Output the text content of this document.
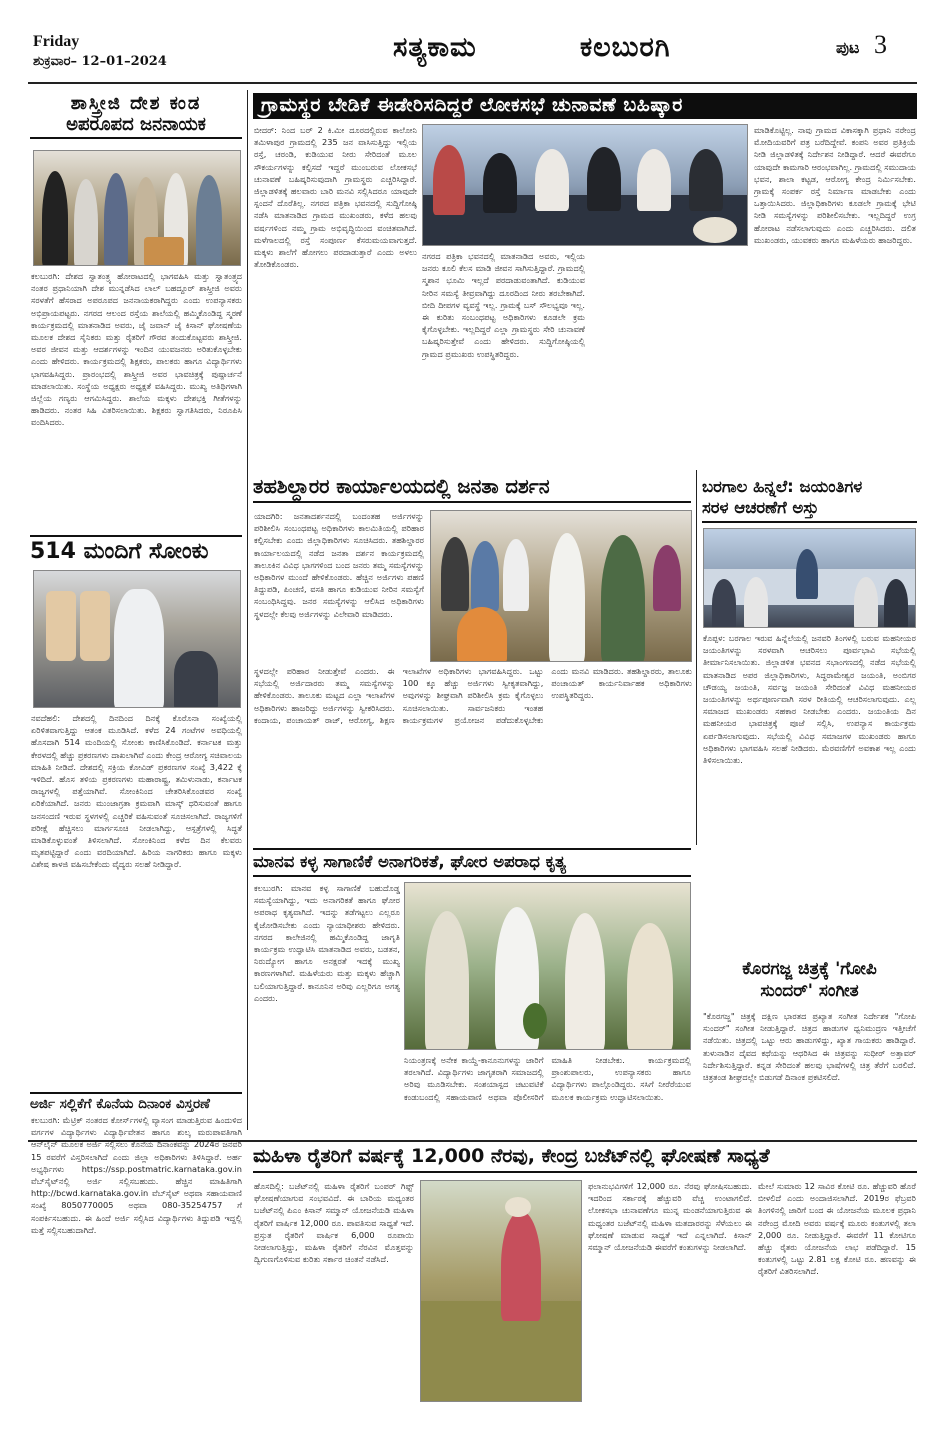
Friday
ಶುಕ್ರವಾರ– 12–01–2024	ಸತ್ಯಕಾಮ	ಕಲಬುರಗಿ	ಪುಟ 3
ಶಾಸ್ತ್ರೀಜಿ ದೇಶ ಕಂಡ
ಅಪರೂಪದ ಜನನಾಯಕ
ಕಲಬುರಗಿ: ದೇಶದ ಸ್ವಾತಂತ್ರ್ಯ ಹೋರಾಟದಲ್ಲಿ ಭಾಗವಹಿಸಿ ಮತ್ತು ಸ್ವಾತಂತ್ರ್ಯದ ನಂತರ ಪ್ರಧಾನಿಯಾಗಿ ದೇಶ ಮುನ್ನಡೆಸಿದ ಲಾಲ್ ಬಹದ್ದೂರ್ ಶಾಸ್ತ್ರೀಜಿ ಅವರು ಸರಳತೆಗೆ ಹೆಸರಾದ ಅಪರೂಪದ ಜನನಾಯಕರಾಗಿದ್ದರು ಎಂದು ಉಪನ್ಯಾಸಕರು ಅಭಿಪ್ರಾಯಪಟ್ಟರು. ನಗರದ ಆಲಂದ ರಸ್ತೆಯ ಶಾಲೆಯಲ್ಲಿ ಹಮ್ಮಿಕೊಂಡಿದ್ದ ಸ್ಮರಣೆ ಕಾರ್ಯಕ್ರಮದಲ್ಲಿ ಮಾತನಾಡಿದ ಅವರು, ಜೈ ಜವಾನ್ ಜೈ ಕಿಸಾನ್ ಘೋಷಣೆಯ ಮೂಲಕ ದೇಶದ ಸೈನಿಕರು ಮತ್ತು ರೈತರಿಗೆ ಗೌರವ ತಂದುಕೊಟ್ಟವರು ಶಾಸ್ತ್ರೀಜಿ. ಅವರ ಜೀವನ ಮತ್ತು ಆದರ್ಶಗಳನ್ನು ಇಂದಿನ ಯುವಜನರು ಅರಿತುಕೊಳ್ಳಬೇಕು ಎಂದು ಹೇಳಿದರು. ಕಾರ್ಯಕ್ರಮದಲ್ಲಿ ಶಿಕ್ಷಕರು, ಪಾಲಕರು ಹಾಗೂ ವಿದ್ಯಾರ್ಥಿಗಳು ಭಾಗವಹಿಸಿದ್ದರು. ಪ್ರಾರಂಭದಲ್ಲಿ ಶಾಸ್ತ್ರೀಜಿ ಅವರ ಭಾವಚಿತ್ರಕ್ಕೆ ಪುಷ್ಪಾರ್ಚನೆ ಮಾಡಲಾಯಿತು. ಸಂಸ್ಥೆಯ ಅಧ್ಯಕ್ಷರು ಅಧ್ಯಕ್ಷತೆ ವಹಿಸಿದ್ದರು. ಮುಖ್ಯ ಅತಿಥಿಗಳಾಗಿ ಜಿಲ್ಲೆಯ ಗಣ್ಯರು ಆಗಮಿಸಿದ್ದರು. ಶಾಲೆಯ ಮಕ್ಕಳು ದೇಶಭಕ್ತಿ ಗೀತೆಗಳನ್ನು ಹಾಡಿದರು. ನಂತರ ಸಿಹಿ ವಿತರಿಸಲಾಯಿತು. ಶಿಕ್ಷಕರು ಸ್ವಾಗತಿಸಿದರು, ನಿರೂಪಿಸಿ ವಂದಿಸಿದರು.
514 ಮಂದಿಗೆ ಸೋಂಕು
ನವದೆಹಲಿ: ದೇಶದಲ್ಲಿ ದಿನದಿಂದ ದಿನಕ್ಕೆ ಕೊರೊನಾ ಸಂಖ್ಯೆಯಲ್ಲಿ ಏರಿಳಿತವಾಗುತ್ತಿದ್ದು ಆತಂಕ ಮೂಡಿಸಿದೆ. ಕಳೆದ 24 ಗಂಟೆಗಳ ಅವಧಿಯಲ್ಲಿ ಹೊಸದಾಗಿ 514 ಮಂದಿಯಲ್ಲಿ ಸೋಂಕು ಕಾಣಿಸಿಕೊಂಡಿದೆ. ಕರ್ನಾಟಕ ಮತ್ತು ಕೇರಳದಲ್ಲಿ ಹೆಚ್ಚು ಪ್ರಕರಣಗಳು ದಾಖಲಾಗಿವೆ ಎಂದು ಕೇಂದ್ರ ಆರೋಗ್ಯ ಸಚಿವಾಲಯ ಮಾಹಿತಿ ನೀಡಿದೆ. ದೇಶದಲ್ಲಿ ಸಕ್ರಿಯ ಕೋವಿಡ್ ಪ್ರಕರಣಗಳ ಸಂಖ್ಯೆ 3,422 ಕ್ಕೆ ಇಳಿದಿದೆ. ಹೊಸ ತಳಿಯ ಪ್ರಕರಣಗಳು ಮಹಾರಾಷ್ಟ್ರ, ತಮಿಳುನಾಡು, ಕರ್ನಾಟಕ ರಾಜ್ಯಗಳಲ್ಲಿ ಪತ್ತೆಯಾಗಿವೆ. ಸೋಂಕಿನಿಂದ ಚೇತರಿಸಿಕೊಂಡವರ ಸಂಖ್ಯೆ ಏರಿಕೆಯಾಗಿದೆ. ಜನರು ಮುಂಜಾಗ್ರತಾ ಕ್ರಮವಾಗಿ ಮಾಸ್ಕ್ ಧರಿಸುವಂತೆ ಹಾಗೂ ಜನಸಂದಣಿ ಇರುವ ಸ್ಥಳಗಳಲ್ಲಿ ಎಚ್ಚರಿಕೆ ವಹಿಸುವಂತೆ ಸೂಚಿಸಲಾಗಿದೆ. ರಾಜ್ಯಗಳಿಗೆ ಪರೀಕ್ಷೆ ಹೆಚ್ಚಿಸಲು ಮಾರ್ಗಸೂಚಿ ನೀಡಲಾಗಿದ್ದು, ಆಸ್ಪತ್ರೆಗಳಲ್ಲಿ ಸಿದ್ಧತೆ ಮಾಡಿಕೊಳ್ಳುವಂತೆ ತಿಳಿಸಲಾಗಿದೆ. ಸೋಂಕಿನಿಂದ ಕಳೆದ ದಿನ ಕೆಲವರು ಮೃತಪಟ್ಟಿದ್ದಾರೆ ಎಂದು ವರದಿಯಾಗಿದೆ. ಹಿರಿಯ ನಾಗರಿಕರು ಹಾಗೂ ಮಕ್ಕಳು ವಿಶೇಷ ಕಾಳಜಿ ವಹಿಸಬೇಕೆಂದು ವೈದ್ಯರು ಸಲಹೆ ನೀಡಿದ್ದಾರೆ.
ಅರ್ಜಿ ಸಲ್ಲಿಕೆಗೆ ಕೊನೆಯ ದಿನಾಂಕ ವಿಸ್ತರಣೆ
ಕಲಬುರಗಿ: ಮೆಟ್ರಿಕ್ ನಂತರದ ಕೋರ್ಸ್‌ಗಳಲ್ಲಿ ವ್ಯಾಸಂಗ ಮಾಡುತ್ತಿರುವ ಹಿಂದುಳಿದ ವರ್ಗಗಳ ವಿದ್ಯಾರ್ಥಿಗಳು ವಿದ್ಯಾರ್ಥಿವೇತನ ಹಾಗೂ ಶುಲ್ಕ ಮರುಪಾವತಿಗಾಗಿ ಆನ್‌ಲೈನ್ ಮೂಲಕ ಅರ್ಜಿ ಸಲ್ಲಿಸಲು ಕೊನೆಯ ದಿನಾಂಕವನ್ನು 2024ರ ಜನವರಿ 15 ರವರೆಗೆ ವಿಸ್ತರಿಸಲಾಗಿದೆ ಎಂದು ಜಿಲ್ಲಾ ಅಧಿಕಾರಿಗಳು ತಿಳಿಸಿದ್ದಾರೆ. ಅರ್ಹ ಅಭ್ಯರ್ಥಿಗಳು https://ssp.postmatric.karnataka.gov.in ವೆಬ್‌ಸೈಟ್‌ನಲ್ಲಿ ಅರ್ಜಿ ಸಲ್ಲಿಸಬಹುದು. ಹೆಚ್ಚಿನ ಮಾಹಿತಿಗಾಗಿ http://bcwd.karnataka.gov.in ವೆಬ್‌ಸೈಟ್ ಅಥವಾ ಸಹಾಯವಾಣಿ ಸಂಖ್ಯೆ 8050770005 ಅಥವಾ 080-35254757 ಗೆ ಸಂಪರ್ಕಿಸಬಹುದು. ಈ ಹಿಂದೆ ಅರ್ಜಿ ಸಲ್ಲಿಸಿದ ವಿದ್ಯಾರ್ಥಿಗಳು ತಿದ್ದುಪಡಿ ಇದ್ದಲ್ಲಿ ಮತ್ತೆ ಸಲ್ಲಿಸಬಹುದಾಗಿದೆ.
ಗ್ರಾಮಸ್ಥರ ಬೇಡಿಕೆ ಈಡೇರಿಸದಿದ್ದರೆ ಲೋಕಸಭೆ ಚುನಾವಣೆ ಬಹಿಷ್ಕಾರ
ಬೀದರ್: ನಿಂದ ಬರ್ 2 ಕಿ.ಮೀ ದೂರದಲ್ಲಿರುವ ಕಾಲೋನಿ ತಮಿಳಾಪುರ ಗ್ರಾಮದಲ್ಲಿ 235 ಜನ ವಾಸಿಸುತ್ತಿದ್ದು ಇಲ್ಲಿಯ ರಸ್ತೆ, ಚರಂಡಿ, ಕುಡಿಯುವ ನೀರು ಸೇರಿದಂತೆ ಮೂಲ ಸೌಕರ್ಯಗಳನ್ನು ಕಲ್ಪಿಸದೆ ಇದ್ದರೆ ಮುಂಬರುವ ಲೋಕಸಭೆ ಚುನಾವಣೆ ಬಹಿಷ್ಕರಿಸುವುದಾಗಿ ಗ್ರಾಮಸ್ಥರು ಎಚ್ಚರಿಸಿದ್ದಾರೆ. ಜಿಲ್ಲಾಡಳಿತಕ್ಕೆ ಹಲವಾರು ಬಾರಿ ಮನವಿ ಸಲ್ಲಿಸಿದರೂ ಯಾವುದೇ ಸ್ಪಂದನೆ ದೊರೆತಿಲ್ಲ. ನಗರದ ಪತ್ರಿಕಾ ಭವನದಲ್ಲಿ ಸುದ್ದಿಗೋಷ್ಠಿ ನಡೆಸಿ ಮಾತನಾಡಿದ ಗ್ರಾಮದ ಮುಖಂಡರು, ಕಳೆದ ಹಲವು ವರ್ಷಗಳಿಂದ ನಮ್ಮ ಗ್ರಾಮ ಅಭಿವೃದ್ಧಿಯಿಂದ ವಂಚಿತವಾಗಿದೆ. ಮಳೆಗಾಲದಲ್ಲಿ ರಸ್ತೆ ಸಂಪೂರ್ಣ ಕೆಸರುಮಯವಾಗುತ್ತದೆ. ಮಕ್ಕಳು ಶಾಲೆಗೆ ಹೋಗಲು ಪರದಾಡುತ್ತಾರೆ ಎಂದು ಅಳಲು ತೋಡಿಕೊಂಡರು.
ನಗರದ ಪತ್ರಿಕಾ ಭವನದಲ್ಲಿ ಮಾತನಾಡಿದ ಅವರು, ಇಲ್ಲಿಯ ಜನರು ಕೂಲಿ ಕೆಲಸ ಮಾಡಿ ಜೀವನ ಸಾಗಿಸುತ್ತಿದ್ದಾರೆ. ಗ್ರಾಮದಲ್ಲಿ ಸ್ಮಶಾನ ಭೂಮಿ ಇಲ್ಲದೆ ಪರದಾಡುವಂತಾಗಿದೆ. ಕುಡಿಯುವ ನೀರಿನ ಸಮಸ್ಯೆ ತೀವ್ರವಾಗಿದ್ದು ದೂರದಿಂದ ನೀರು ತರಬೇಕಾಗಿದೆ. ಬೀದಿ ದೀಪಗಳ ವ್ಯವಸ್ಥೆ ಇಲ್ಲ. ಗ್ರಾಮಕ್ಕೆ ಬಸ್ ಸೌಲಭ್ಯವೂ ಇಲ್ಲ. ಈ ಕುರಿತು ಸಂಬಂಧಪಟ್ಟ ಅಧಿಕಾರಿಗಳು ಕೂಡಲೇ ಕ್ರಮ ಕೈಗೊಳ್ಳಬೇಕು. ಇಲ್ಲದಿದ್ದರೆ ಎಲ್ಲಾ ಗ್ರಾಮಸ್ಥರು ಸೇರಿ ಚುನಾವಣೆ ಬಹಿಷ್ಕರಿಸುತ್ತೇವೆ ಎಂದು ಹೇಳಿದರು. ಸುದ್ದಿಗೋಷ್ಠಿಯಲ್ಲಿ ಗ್ರಾಮದ ಪ್ರಮುಖರು ಉಪಸ್ಥಿತರಿದ್ದರು.
ಮಾಡಿಕೊಟ್ಟಿಲ್ಲ. ನಾವು ಗ್ರಾಮದ ವಿಕಾಸಕ್ಕಾಗಿ ಪ್ರಧಾನಿ ನರೇಂದ್ರ ಮೋದಿಯವರಿಗೆ ಪತ್ರ ಬರೆದಿದ್ದೇವೆ. ಕಂಪನಿ ಅವರ ಪ್ರತಿಕ್ರಿಯೆ ನೀಡಿ ಜಿಲ್ಲಾಡಳಿತಕ್ಕೆ ನಿರ್ದೇಶನ ನೀಡಿದ್ದಾರೆ. ಆದರೆ ಈವರೆಗೂ ಯಾವುದೇ ಕಾಮಗಾರಿ ಆರಂಭವಾಗಿಲ್ಲ. ಗ್ರಾಮದಲ್ಲಿ ಸಮುದಾಯ ಭವನ, ಶಾಲಾ ಕಟ್ಟಡ, ಆರೋಗ್ಯ ಕೇಂದ್ರ ನಿರ್ಮಿಸಬೇಕು. ಗ್ರಾಮಕ್ಕೆ ಸಂಪರ್ಕ ರಸ್ತೆ ನಿರ್ಮಾಣ ಮಾಡಬೇಕು ಎಂದು ಒತ್ತಾಯಿಸಿದರು. ಜಿಲ್ಲಾಧಿಕಾರಿಗಳು ಕೂಡಲೇ ಗ್ರಾಮಕ್ಕೆ ಭೇಟಿ ನೀಡಿ ಸಮಸ್ಯೆಗಳನ್ನು ಪರಿಶೀಲಿಸಬೇಕು. ಇಲ್ಲದಿದ್ದರೆ ಉಗ್ರ ಹೋರಾಟ ನಡೆಸಲಾಗುವುದು ಎಂದು ಎಚ್ಚರಿಸಿದರು. ದಲಿತ ಮುಖಂಡರು, ಯುವಕರು ಹಾಗೂ ಮಹಿಳೆಯರು ಹಾಜರಿದ್ದರು.
ತಹಶಿಲ್ದಾರರ ಕಾರ್ಯಾಲಯದಲ್ಲಿ ಜನತಾ ದರ್ಶನ
ಯಾದಗಿರಿ: ಜನತಾದರ್ಶನದಲ್ಲಿ ಬಂದಂತಹ ಅರ್ಜಿಗಳನ್ನು ಪರಿಶೀಲಿಸಿ ಸಂಬಂಧಪಟ್ಟ ಅಧಿಕಾರಿಗಳು ಕಾಲಮಿತಿಯಲ್ಲಿ ಪರಿಹಾರ ಕಲ್ಪಿಸಬೇಕು ಎಂದು ಜಿಲ್ಲಾಧಿಕಾರಿಗಳು ಸೂಚಿಸಿದರು. ತಹಶಿಲ್ದಾರರ ಕಾರ್ಯಾಲಯದಲ್ಲಿ ನಡೆದ ಜನತಾ ದರ್ಶನ ಕಾರ್ಯಕ್ರಮದಲ್ಲಿ ತಾಲೂಕಿನ ವಿವಿಧ ಭಾಗಗಳಿಂದ ಬಂದ ಜನರು ತಮ್ಮ ಸಮಸ್ಯೆಗಳನ್ನು ಅಧಿಕಾರಿಗಳ ಮುಂದೆ ಹೇಳಿಕೊಂಡರು. ಹೆಚ್ಚಿನ ಅರ್ಜಿಗಳು ಪಹಣಿ ತಿದ್ದುಪಡಿ, ಪಿಂಚಣಿ, ವಸತಿ ಹಾಗೂ ಕುಡಿಯುವ ನೀರಿನ ಸಮಸ್ಯೆಗೆ ಸಂಬಂಧಿಸಿದ್ದವು. ಜನರ ಸಮಸ್ಯೆಗಳನ್ನು ಆಲಿಸಿದ ಅಧಿಕಾರಿಗಳು ಸ್ಥಳದಲ್ಲೇ ಕೆಲವು ಅರ್ಜಿಗಳನ್ನು ವಿಲೇವಾರಿ ಮಾಡಿದರು.
ಸ್ಥಳದಲ್ಲೇ ಪರಿಹಾರ ನೀಡುತ್ತೇವೆ ಎಂದರು. ಈ ಸಭೆಯಲ್ಲಿ ಅರ್ಜಿದಾರರು ತಮ್ಮ ಸಮಸ್ಯೆಗಳನ್ನು ಹೇಳಿಕೊಂಡರು. ತಾಲೂಕು ಮಟ್ಟದ ಎಲ್ಲಾ ಇಲಾಖೆಗಳ ಅಧಿಕಾರಿಗಳು ಹಾಜರಿದ್ದು ಅರ್ಜಿಗಳನ್ನು ಸ್ವೀಕರಿಸಿದರು. ಕಂದಾಯ, ಪಂಚಾಯತ್ ರಾಜ್, ಆರೋಗ್ಯ, ಶಿಕ್ಷಣ ಇಲಾಖೆಗಳ ಅಧಿಕಾರಿಗಳು ಭಾಗವಹಿಸಿದ್ದರು. ಒಟ್ಟು 100 ಕ್ಕೂ ಹೆಚ್ಚು ಅರ್ಜಿಗಳು ಸ್ವೀಕೃತವಾಗಿದ್ದು, ಅವುಗಳನ್ನು ಶೀಘ್ರವಾಗಿ ಪರಿಶೀಲಿಸಿ ಕ್ರಮ ಕೈಗೊಳ್ಳಲು ಸೂಚಿಸಲಾಯಿತು. ಸಾರ್ವಜನಿಕರು ಇಂತಹ ಕಾರ್ಯಕ್ರಮಗಳ ಪ್ರಯೋಜನ ಪಡೆದುಕೊಳ್ಳಬೇಕು ಎಂದು ಮನವಿ ಮಾಡಿದರು. ತಹಶಿಲ್ದಾರರು, ತಾಲೂಕು ಪಂಚಾಯತ್ ಕಾರ್ಯನಿರ್ವಾಹಕ ಅಧಿಕಾರಿಗಳು ಉಪಸ್ಥಿತರಿದ್ದರು.
ಬರಗಾಲ ಹಿನ್ನಲೆ: ಜಯಂತಿಗಳ
ಸರಳ ಆಚರಣೆಗೆ ಅಸ್ತು
ಕೊಪ್ಪಳ: ಬರಗಾಲ ಇರುವ ಹಿನ್ನೆಲೆಯಲ್ಲಿ ಜನವರಿ ತಿಂಗಳಲ್ಲಿ ಬರುವ ಮಹನೀಯರ ಜಯಂತಿಗಳನ್ನು ಸರಳವಾಗಿ ಆಚರಿಸಲು ಪೂರ್ವಭಾವಿ ಸಭೆಯಲ್ಲಿ ತೀರ್ಮಾನಿಸಲಾಯಿತು. ಜಿಲ್ಲಾಡಳಿತ ಭವನದ ಸಭಾಂಗಣದಲ್ಲಿ ನಡೆದ ಸಭೆಯಲ್ಲಿ ಮಾತನಾಡಿದ ಅಪರ ಜಿಲ್ಲಾಧಿಕಾರಿಗಳು, ಸಿದ್ಧರಾಮೇಶ್ವರ ಜಯಂತಿ, ಅಂಬಿಗರ ಚೌಡಯ್ಯ ಜಯಂತಿ, ಸರ್ವಜ್ಞ ಜಯಂತಿ ಸೇರಿದಂತೆ ವಿವಿಧ ಮಹನೀಯರ ಜಯಂತಿಗಳನ್ನು ಅರ್ಥಪೂರ್ಣವಾಗಿ ಸರಳ ರೀತಿಯಲ್ಲಿ ಆಚರಿಸಲಾಗುವುದು. ಎಲ್ಲ ಸಮಾಜದ ಮುಖಂಡರು ಸಹಕಾರ ನೀಡಬೇಕು ಎಂದರು. ಜಯಂತಿಯ ದಿನ ಮಹನೀಯರ ಭಾವಚಿತ್ರಕ್ಕೆ ಪೂಜೆ ಸಲ್ಲಿಸಿ, ಉಪನ್ಯಾಸ ಕಾರ್ಯಕ್ರಮ ಏರ್ಪಡಿಸಲಾಗುವುದು. ಸಭೆಯಲ್ಲಿ ವಿವಿಧ ಸಮಾಜಗಳ ಮುಖಂಡರು ಹಾಗೂ ಅಧಿಕಾರಿಗಳು ಭಾಗವಹಿಸಿ ಸಲಹೆ ನೀಡಿದರು. ಮೆರವಣಿಗೆಗೆ ಅವಕಾಶ ಇಲ್ಲ ಎಂದು ತಿಳಿಸಲಾಯಿತು.
ಮಾನವ ಕಳ್ಳ ಸಾಗಾಣಿಕೆ ಅನಾಗರಿಕತೆ, ಘೋರ ಅಪರಾಧ ಕೃತ್ಯ
ಕಲಬುರಗಿ: ಮಾನವ ಕಳ್ಳ ಸಾಗಾಣಿಕೆ ಬಹುದೊಡ್ಡ ಸಮಸ್ಯೆಯಾಗಿದ್ದು, ಇದು ಅನಾಗರಿಕತೆ ಹಾಗೂ ಘೋರ ಅಪರಾಧ ಕೃತ್ಯವಾಗಿದೆ. ಇದನ್ನು ತಡೆಗಟ್ಟಲು ಎಲ್ಲರೂ ಕೈಜೋಡಿಸಬೇಕು ಎಂದು ನ್ಯಾಯಾಧೀಶರು ಹೇಳಿದರು. ನಗರದ ಕಾಲೇಜಿನಲ್ಲಿ ಹಮ್ಮಿಕೊಂಡಿದ್ದ ಜಾಗೃತಿ ಕಾರ್ಯಕ್ರಮ ಉದ್ಘಾಟಿಸಿ ಮಾತನಾಡಿದ ಅವರು, ಬಡತನ, ನಿರುದ್ಯೋಗ ಹಾಗೂ ಅನಕ್ಷರತೆ ಇದಕ್ಕೆ ಮುಖ್ಯ ಕಾರಣಗಳಾಗಿವೆ. ಮಹಿಳೆಯರು ಮತ್ತು ಮಕ್ಕಳು ಹೆಚ್ಚಾಗಿ ಬಲಿಯಾಗುತ್ತಿದ್ದಾರೆ. ಕಾನೂನಿನ ಅರಿವು ಎಲ್ಲರಿಗೂ ಅಗತ್ಯ ಎಂದರು.
ನಿಯಂತ್ರಣಕ್ಕೆ ಅನೇಕ ಕಾಯ್ದೆ-ಕಾನೂನುಗಳನ್ನು ಜಾರಿಗೆ ತರಲಾಗಿದೆ. ವಿದ್ಯಾರ್ಥಿಗಳು ಜಾಗೃತರಾಗಿ ಸಮಾಜದಲ್ಲಿ ಅರಿವು ಮೂಡಿಸಬೇಕು. ಸಂಶಯಾಸ್ಪದ ಚಟುವಟಿಕೆ ಕಂಡುಬಂದಲ್ಲಿ ಸಹಾಯವಾಣಿ ಅಥವಾ ಪೊಲೀಸರಿಗೆ ಮಾಹಿತಿ ನೀಡಬೇಕು. ಕಾರ್ಯಕ್ರಮದಲ್ಲಿ ಪ್ರಾಂಶುಪಾಲರು, ಉಪನ್ಯಾಸಕರು ಹಾಗೂ ವಿದ್ಯಾರ್ಥಿಗಳು ಪಾಲ್ಗೊಂಡಿದ್ದರು. ಸಸಿಗೆ ನೀರೆರೆಯುವ ಮೂಲಕ ಕಾರ್ಯಕ್ರಮ ಉದ್ಘಾಟಿಸಲಾಯಿತು.
ಕೊರಗಜ್ಜ ಚಿತ್ರಕ್ಕೆ 'ಗೋಪಿ
ಸುಂದರ್' ಸಂಗೀತ
"ಕೊರಗಜ್ಜ" ಚಿತ್ರಕ್ಕೆ ದಕ್ಷಿಣ ಭಾರತದ ಪ್ರಖ್ಯಾತ ಸಂಗೀತ ನಿರ್ದೇಶಕ "ಗೋಪಿ ಸುಂದರ್" ಸಂಗೀತ ನೀಡುತ್ತಿದ್ದಾರೆ. ಚಿತ್ರದ ಹಾಡುಗಳ ಧ್ವನಿಮುದ್ರಣ ಇತ್ತೀಚೆಗೆ ನಡೆಯಿತು. ಚಿತ್ರದಲ್ಲಿ ಒಟ್ಟು ಆರು ಹಾಡುಗಳಿದ್ದು, ಖ್ಯಾತ ಗಾಯಕರು ಹಾಡಿದ್ದಾರೆ. ತುಳುನಾಡಿನ ದೈವದ ಕಥೆಯನ್ನು ಆಧರಿಸಿದ ಈ ಚಿತ್ರವನ್ನು ಸುಧೀರ್ ಅತ್ತಾವರ್ ನಿರ್ದೇಶಿಸುತ್ತಿದ್ದಾರೆ. ಕನ್ನಡ ಸೇರಿದಂತೆ ಹಲವು ಭಾಷೆಗಳಲ್ಲಿ ಚಿತ್ರ ತೆರೆಗೆ ಬರಲಿದೆ. ಚಿತ್ರತಂಡ ಶೀಘ್ರದಲ್ಲೇ ಬಿಡುಗಡೆ ದಿನಾಂಕ ಪ್ರಕಟಿಸಲಿದೆ.
ಮಹಿಳಾ ರೈತರಿಗೆ ವರ್ಷಕ್ಕೆ 12,000 ನೆರವು, ಕೇಂದ್ರ ಬಜೆಟ್‌ನಲ್ಲಿ ಘೋಷಣೆ ಸಾಧ್ಯತೆ
ಹೊಸದಿಲ್ಲಿ: ಬಜೆಟ್‌ನಲ್ಲಿ ಮಹಿಳಾ ರೈತರಿಗೆ ಬಂಪರ್ ಗಿಫ್ಟ್ ಘೋಷಣೆಯಾಗುವ ಸಂಭವವಿದೆ. ಈ ಬಾರಿಯ ಮಧ್ಯಂತರ ಬಜೆಟ್‌ನಲ್ಲಿ ಪಿಎಂ ಕಿಸಾನ್ ಸಮ್ಮಾನ್ ಯೋಜನೆಯಡಿ ಮಹಿಳಾ ರೈತರಿಗೆ ವಾರ್ಷಿಕ 12,000 ರೂ. ಪಾವತಿಸುವ ಸಾಧ್ಯತೆ ಇದೆ. ಪ್ರಸ್ತುತ ರೈತರಿಗೆ ವಾರ್ಷಿಕ 6,000 ರೂಪಾಯಿ ನೀಡಲಾಗುತ್ತಿದ್ದು, ಮಹಿಳಾ ರೈತರಿಗೆ ನೆರವಿನ ಮೊತ್ತವನ್ನು ದ್ವಿಗುಣಗೊಳಿಸುವ ಕುರಿತು ಸರ್ಕಾರ ಚಿಂತನೆ ನಡೆಸಿದೆ.
ಫಲಾನುಭವಿಗಳಿಗೆ 12,000 ರೂ. ನೆರವು ಘೋಷಿಸಬಹುದು. ಇದರಿಂದ ಸರ್ಕಾರಕ್ಕೆ ಹೆಚ್ಚುವರಿ ವೆಚ್ಚ ಉಂಟಾಗಲಿದೆ. ಲೋಕಸಭಾ ಚುನಾವಣೆಗೂ ಮುನ್ನ ಮಂಡನೆಯಾಗುತ್ತಿರುವ ಈ ಮಧ್ಯಂತರ ಬಜೆಟ್‌ನಲ್ಲಿ ಮಹಿಳಾ ಮತದಾರರನ್ನು ಸೆಳೆಯಲು ಈ ಘೋಷಣೆ ಮಾಡುವ ಸಾಧ್ಯತೆ ಇದೆ ಎನ್ನಲಾಗಿದೆ. ಕಿಸಾನ್ ಸಮ್ಮಾನ್ ಯೋಜನೆಯಡಿ ಈವರೆಗೆ ಕಂತುಗಳನ್ನು ನೀಡಲಾಗಿದೆ.
ಮೇಲೆ ಸುಮಾರು 12 ಸಾವಿರ ಕೋಟಿ ರೂ. ಹೆಚ್ಚುವರಿ ಹೊರೆ ಬೀಳಲಿದೆ ಎಂದು ಅಂದಾಜಿಸಲಾಗಿದೆ. 2019ರ ಫೆಬ್ರವರಿ ತಿಂಗಳಿನಲ್ಲಿ ಜಾರಿಗೆ ಬಂದ ಈ ಯೋಜನೆಯ ಮೂಲಕ ಪ್ರಧಾನಿ ನರೇಂದ್ರ ಮೋದಿ ಅವರು ವರ್ಷಕ್ಕೆ ಮೂರು ಕಂತುಗಳಲ್ಲಿ ತಲಾ 2,000 ರೂ. ನೀಡುತ್ತಿದ್ದಾರೆ. ಈವರೆಗೆ 11 ಕೋಟಿಗೂ ಹೆಚ್ಚು ರೈತರು ಯೋಜನೆಯ ಲಾಭ ಪಡೆದಿದ್ದಾರೆ. 15 ಕಂತುಗಳಲ್ಲಿ ಒಟ್ಟು 2.81 ಲಕ್ಷ ಕೋಟಿ ರೂ. ಹಣವನ್ನು ಈ ರೈತರಿಗೆ ವಿತರಿಸಲಾಗಿದೆ.
